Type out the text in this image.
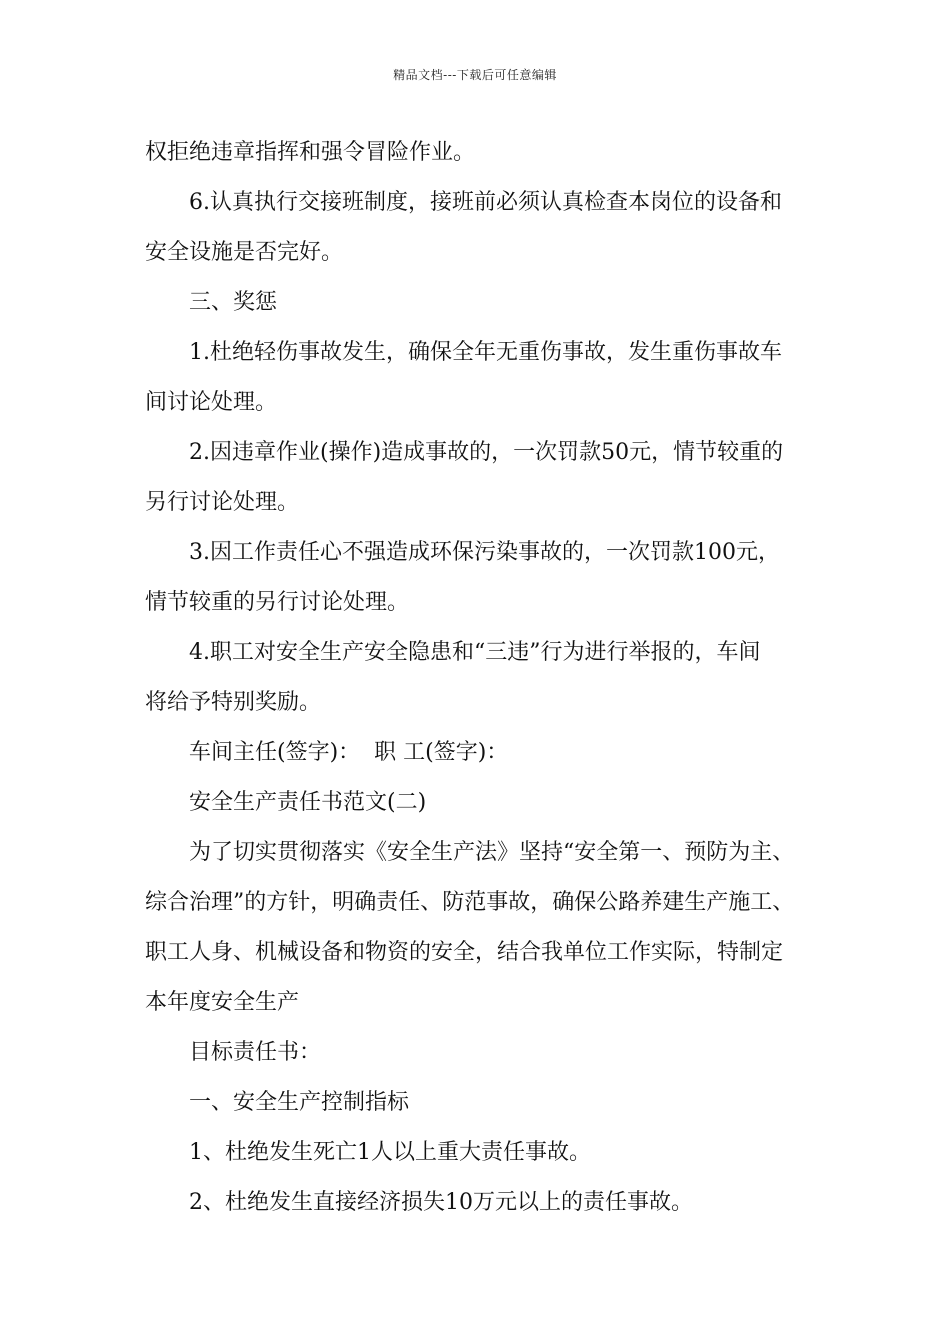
精品文档---下载后可任意编辑
权拒绝违章指挥和强令冒险作业。
6.认真执行交接班制度，接班前必须认真检查本岗位的设备和
安全设施是否完好。
三、奖惩
1.杜绝轻伤事故发生，确保全年无重伤事故，发生重伤事故车
间讨论处理。
2.因违章作业(操作)造成事故的，一次罚款50元，情节较重的
另行讨论处理。
3.因工作责任心不强造成环保污染事故的，一次罚款100元，
情节较重的另行讨论处理。
4.职工对安全生产安全隐患和“三违”行为进行举报的，车间
将给予特别奖励。
车间主任(签字)：  职 工(签字)：
安全生产责任书范文(二)
为了切实贯彻落实《安全生产法》坚持“安全第一、预防为主、
综合治理”的方针，明确责任、防范事故，确保公路养建生产施工、
职工人身、机械设备和物资的安全，结合我单位工作实际，特制定
本年度安全生产
目标责任书：
一、安全生产控制指标
1、杜绝发生死亡1人以上重大责任事故。
2、杜绝发生直接经济损失10万元以上的责任事故。
